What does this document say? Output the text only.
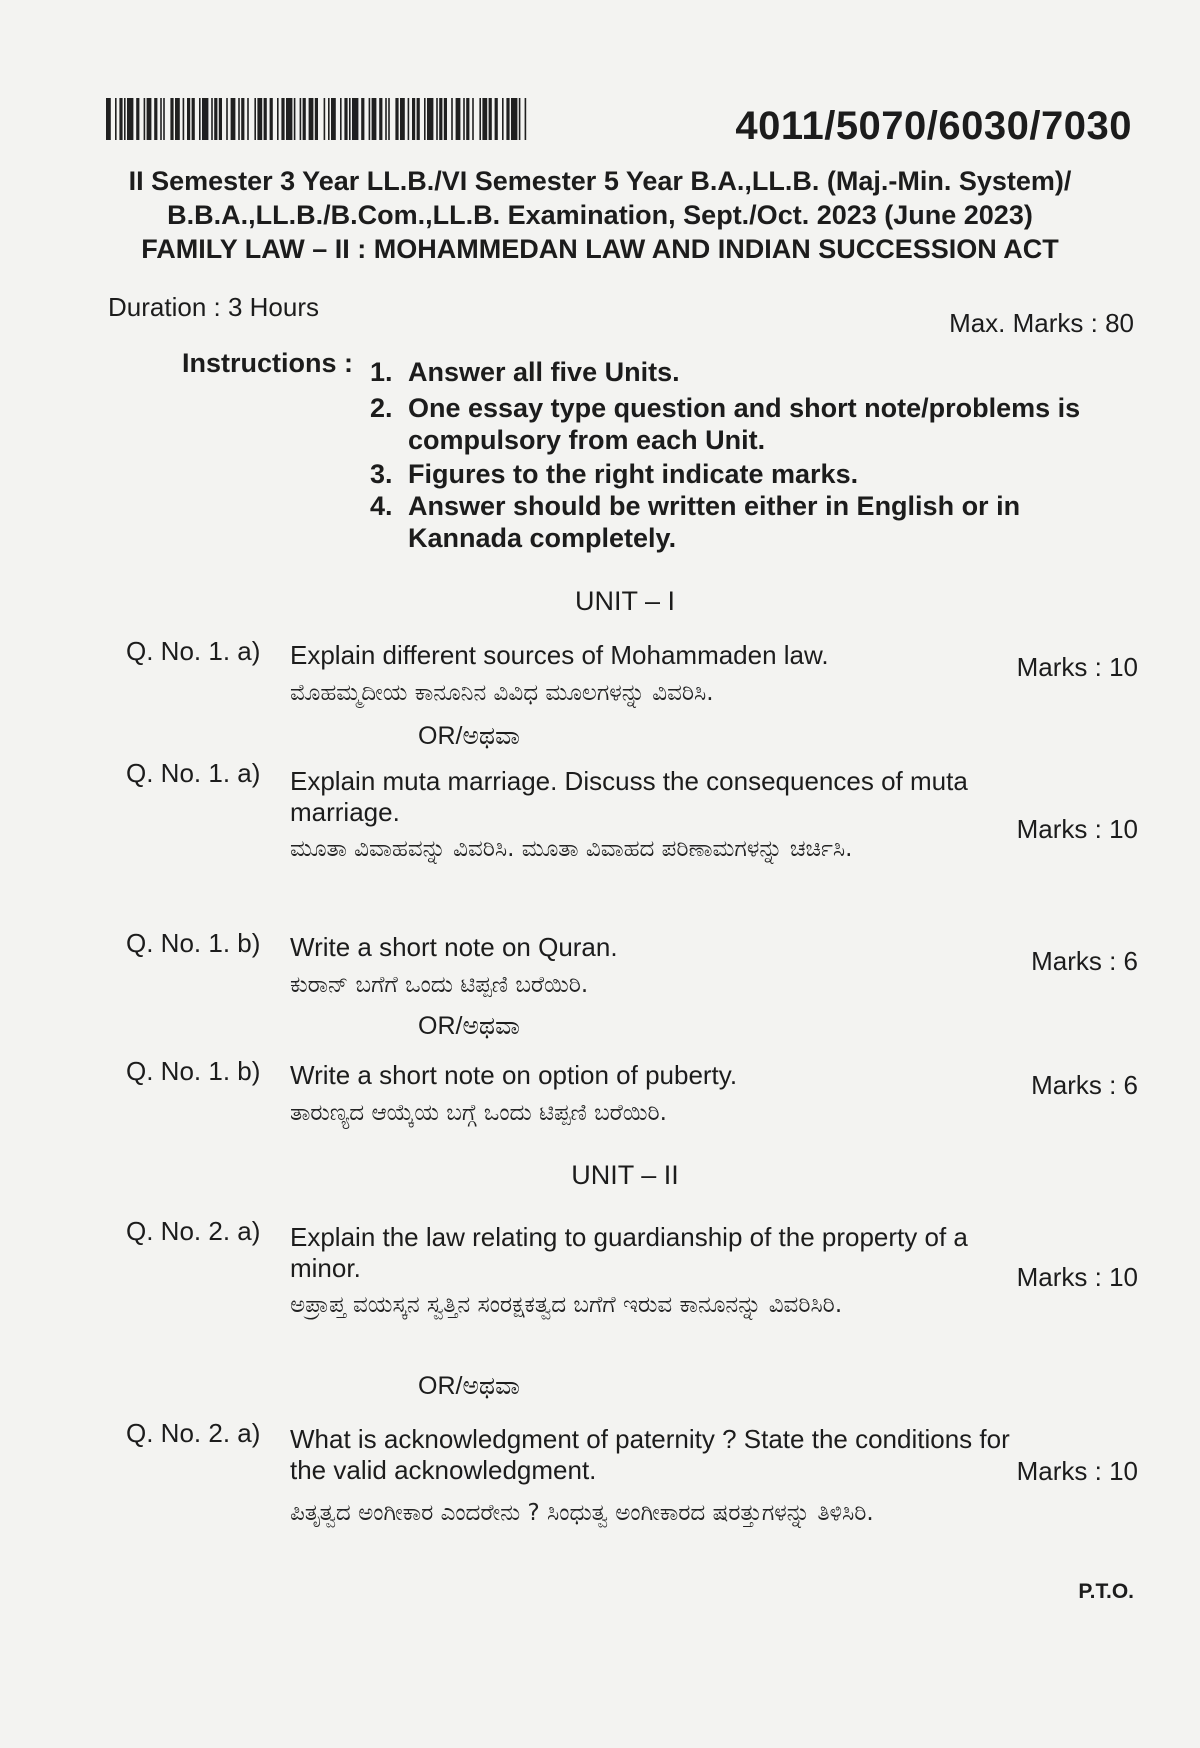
4011/5070/6030/7030
II Semester 3 Year LL.B./VI Semester 5 Year B.A.,LL.B. (Maj.-Min. System)/
B.B.A.,LL.B./B.Com.,LL.B. Examination, Sept./Oct. 2023 (June 2023)
FAMILY LAW – II : MOHAMMEDAN LAW AND INDIAN SUCCESSION ACT
Duration : 3 Hours
Max. Marks : 80
Instructions : 1. Answer all five Units.
2. One essay type question and short note/problems is compulsory from each Unit.
3. Figures to the right indicate marks.
4. Answer should be written either in English or in Kannada completely.
UNIT – I
Q. No. 1. a) Explain different sources of Mohammaden law.
ಮೊಹಮ್ಮದೀಯ ಕಾನೂನಿನ ವಿವಿಧ ಮೂಲಗಳನ್ನು ವಿವರಿಸಿ.
Marks : 10
OR/ಅಥವಾ
Q. No. 1. a) Explain muta marriage. Discuss the consequences of muta marriage.
ಮೂತಾ ವಿವಾಹವನ್ನು ವಿವರಿಸಿ. ಮೂತಾ ವಿವಾಹದ ಪರಿಣಾಮಗಳನ್ನು ಚರ್ಚಿಸಿ.
Marks : 10
Q. No. 1. b) Write a short note on Quran.
ಕುರಾನ್ ಬಗೆಗೆ ಒಂದು ಟಿಪ್ಪಣಿ ಬರೆಯಿರಿ.
Marks : 6
OR/ಅಥವಾ
Q. No. 1. b) Write a short note on option of puberty.
ತಾರುಣ್ಯದ ಆಯ್ಕೆಯ ಬಗ್ಗೆ ಒಂದು ಟಿಪ್ಪಣಿ ಬರೆಯಿರಿ.
Marks : 6
UNIT – II
Q. No. 2. a) Explain the law relating to guardianship of the property of a minor.
ಅಪ್ರಾಪ್ತ ವಯಸ್ಕನ ಸ್ವತ್ತಿನ ಸಂರಕ್ಷಕತ್ವದ ಬಗೆಗೆ ಇರುವ ಕಾನೂನನ್ನು ವಿವರಿಸಿರಿ.
Marks : 10
OR/ಅಥವಾ
Q. No. 2. a) What is acknowledgment of paternity ? State the conditions for the valid acknowledgment.
ಪಿತೃತ್ವದ ಅಂಗೀಕಾರ ಎಂದರೇನು ? ಸಿಂಧುತ್ವ ಅಂಗೀಕಾರದ ಷರತ್ತುಗಳನ್ನು ತಿಳಿಸಿರಿ.
Marks : 10
P.T.O.
